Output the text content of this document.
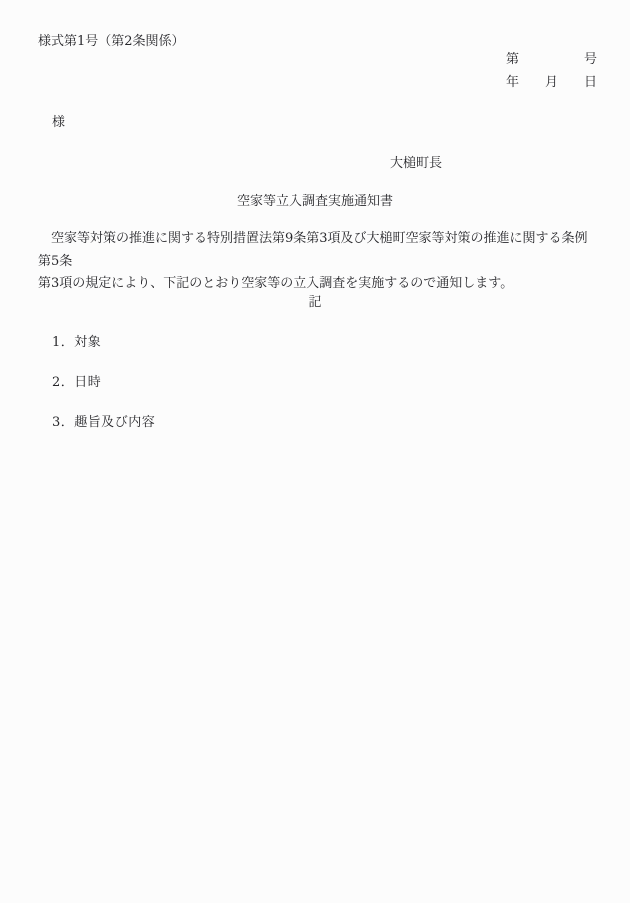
様式第1号（第2条関係）
第　　　　　号
年　　月　　日
様
大槌町長
空家等立入調査実施通知書
　空家等対策の推進に関する特別措置法第9条第3項及び大槌町空家等対策の推進に関する条例第5条
第3項の規定により、下記のとおり空家等の立入調査を実施するので通知します。
記
1．対象
2．日時
3．趣旨及び内容
